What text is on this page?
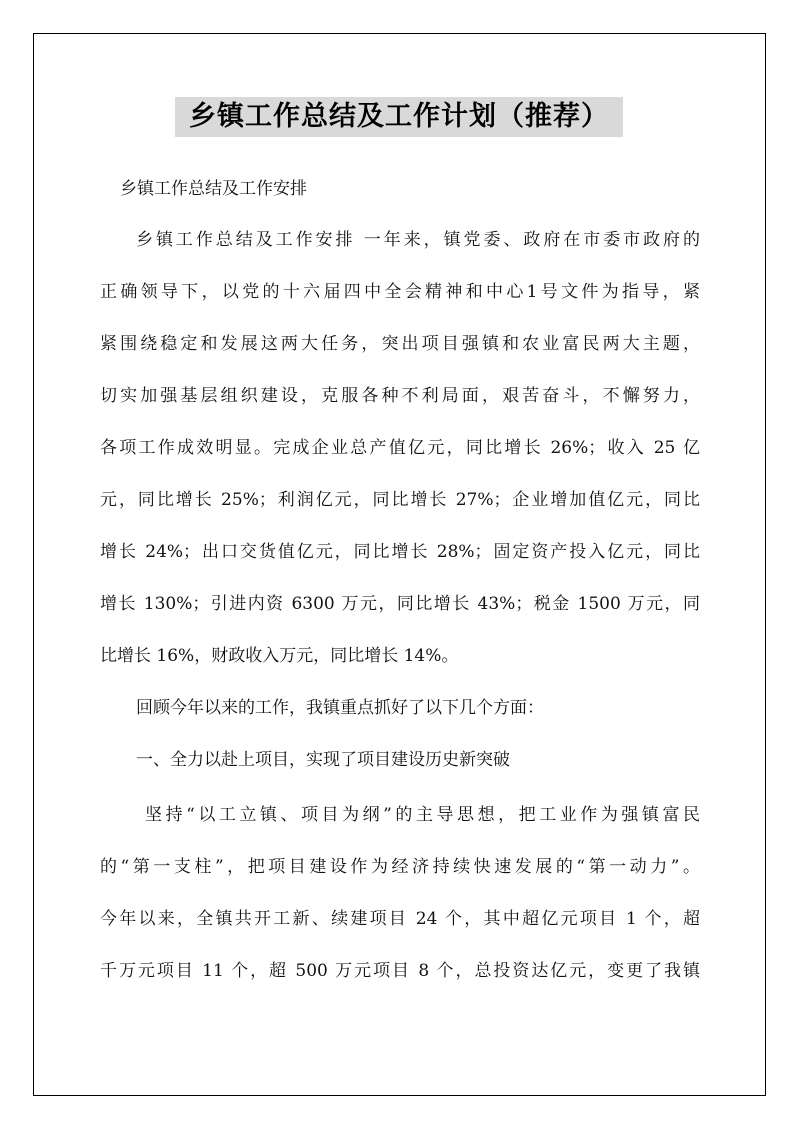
乡镇工作总结及工作计划（推荐）
乡镇工作总结及工作安排
乡镇工作总结及工作安排 一年来，镇党委、政府在市委市政府的
正确领导下，以党的十六届四中全会精神和中心1号文件为指导，紧
紧围绕稳定和发展这两大任务，突出项目强镇和农业富民两大主题，
切实加强基层组织建设，克服各种不利局面，艰苦奋斗，不懈努力，
各项工作成效明显。完成企业总产值亿元，同比增长 26%；收入 25 亿
元，同比增长 25%；利润亿元，同比增长 27%；企业增加值亿元，同比
增长 24%；出口交货值亿元，同比增长 28%；固定资产投入亿元，同比
增长 130%；引进内资 6300 万元，同比增长 43%；税金 1500 万元，同
比增长 16%，财政收入万元，同比增长 14%。
回顾今年以来的工作，我镇重点抓好了以下几个方面：
一、全力以赴上项目，实现了项目建设历史新突破
坚持“以工立镇、项目为纲”的主导思想，把工业作为强镇富民
的“第一支柱”，把项目建设作为经济持续快速发展的“第一动力”。
今年以来，全镇共开工新、续建项目 24 个，其中超亿元项目 1 个，超
千万元项目 11 个，超 500 万元项目 8 个，总投资达亿元，变更了我镇
